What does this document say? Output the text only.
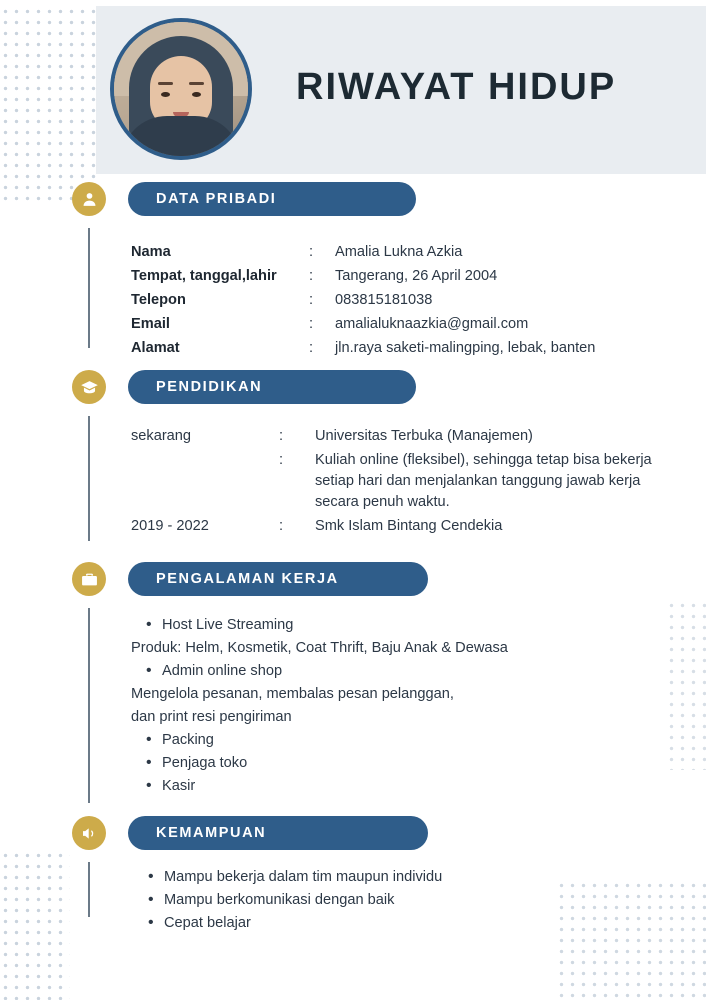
RIWAYAT HIDUP
DATA PRIBADI
Nama	:	Amalia Lukna Azkia
Tempat, tanggal,lahir	:	Tangerang, 26 April 2004
Telepon	:	083815181038
Email	:	amalialuknaazkia@gmail.com
Alamat	:	jln.raya saketi-malingping, lebak, banten
PENDIDIKAN
sekarang	:	Universitas Terbuka (Manajemen)
	:	Kuliah online (fleksibel), sehingga tetap bisa bekerja setiap hari dan menjalankan tanggung jawab kerja secara penuh waktu.
2019 - 2022	:	Smk Islam Bintang Cendekia
PENGALAMAN KERJA
• Host Live Streaming
Produk: Helm, Kosmetik, Coat Thrift, Baju Anak & Dewasa
• Admin online shop
Mengelola pesanan, membalas pesan pelanggan,
dan print resi pengiriman
• Packing
• Penjaga toko
• Kasir
KEMAMPUAN
• Mampu bekerja dalam tim maupun individu
• Mampu berkomunikasi dengan baik
• Cepat belajar
